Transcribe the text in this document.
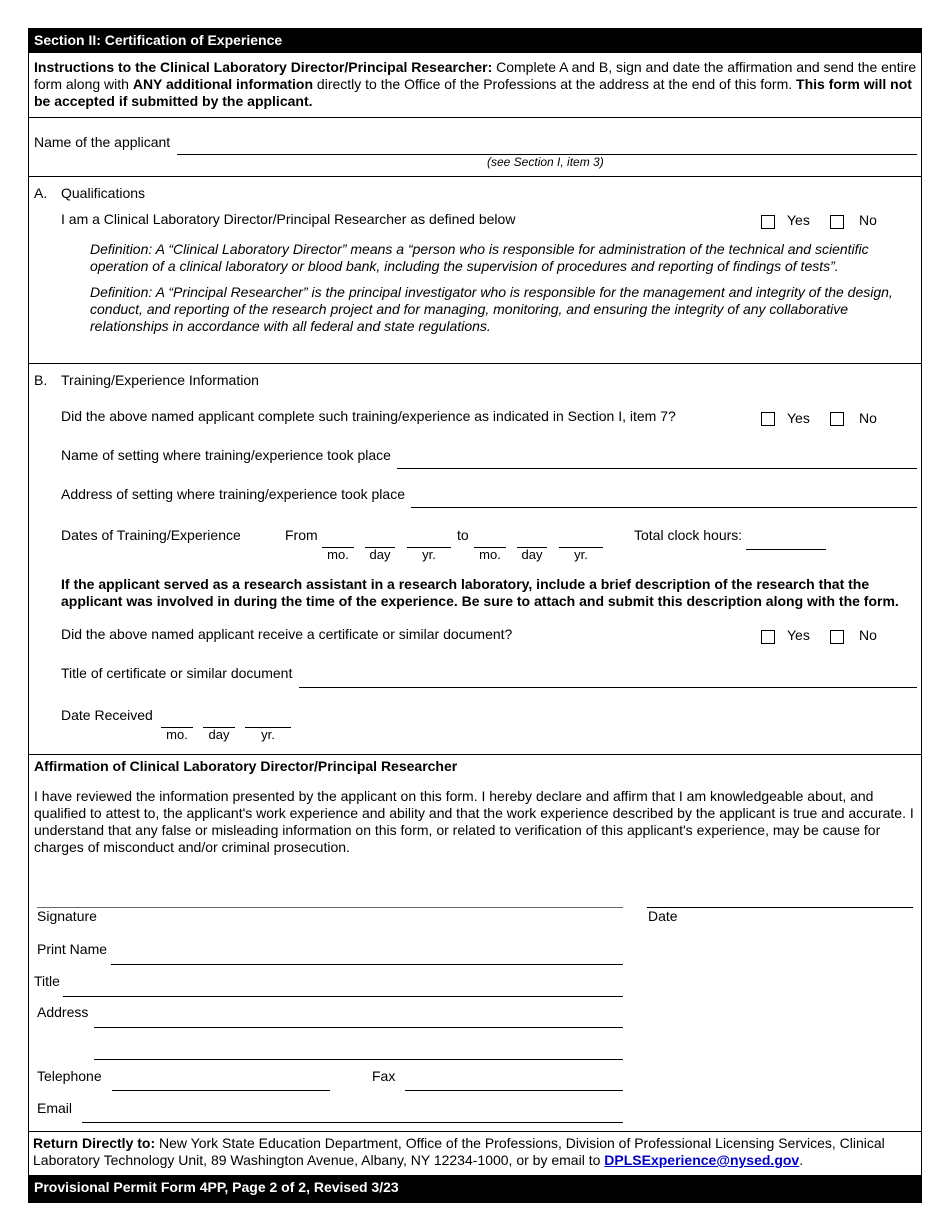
Section II: Certification of Experience
Instructions to the Clinical Laboratory Director/Principal Researcher: Complete A and B, sign and date the affirmation and send the entire form along with ANY additional information directly to the Office of the Professions at the address at the end of this form. This form will not be accepted if submitted by the applicant.
Name of the applicant
(see Section I, item 3)
A. Qualifications
I am a Clinical Laboratory Director/Principal Researcher as defined below	Yes	No
Definition: A “Clinical Laboratory Director” means a “person who is responsible for administration of the technical and scientific operation of a clinical laboratory or blood bank, including the supervision of procedures and reporting of findings of tests”.
Definition: A “Principal Researcher” is the principal investigator who is responsible for the management and integrity of the design, conduct, and reporting of the research project and for managing, monitoring, and ensuring the integrity of any collaborative relationships in accordance with all federal and state regulations.
B. Training/Experience Information
Did the above named applicant complete such training/experience as indicated in Section I, item 7?	Yes	No
Name of setting where training/experience took place
Address of setting where training/experience took place
Dates of Training/Experience	From
mo.	day	yr.
to
mo.	day	yr.
Total clock hours:
If the applicant served as a research assistant in a research laboratory, include a brief description of the research that the applicant was involved in during the time of the experience. Be sure to attach and submit this description along with the form.
Did the above named applicant receive a certificate or similar document?	Yes	No
Title of certificate or similar document
Date Received
mo.	day	yr.
Affirmation of Clinical Laboratory Director/Principal Researcher
I have reviewed the information presented by the applicant on this form. I hereby declare and affirm that I am knowledgeable about, and qualified to attest to, the applicant's work experience and ability and that the work experience described by the applicant is true and accurate. I understand that any false or misleading information on this form, or related to verification of this applicant's experience, may be cause for charges of misconduct and/or criminal prosecution.
Signature	Date
Print Name
Title
Address
Telephone	Fax
Email
Return Directly to: New York State Education Department, Office of the Professions, Division of Professional Licensing Services, Clinical Laboratory Technology Unit, 89 Washington Avenue, Albany, NY 12234-1000, or by email to DPLSExperience@nysed.gov.
Provisional Permit Form 4PP, Page 2 of 2, Revised 3/23
